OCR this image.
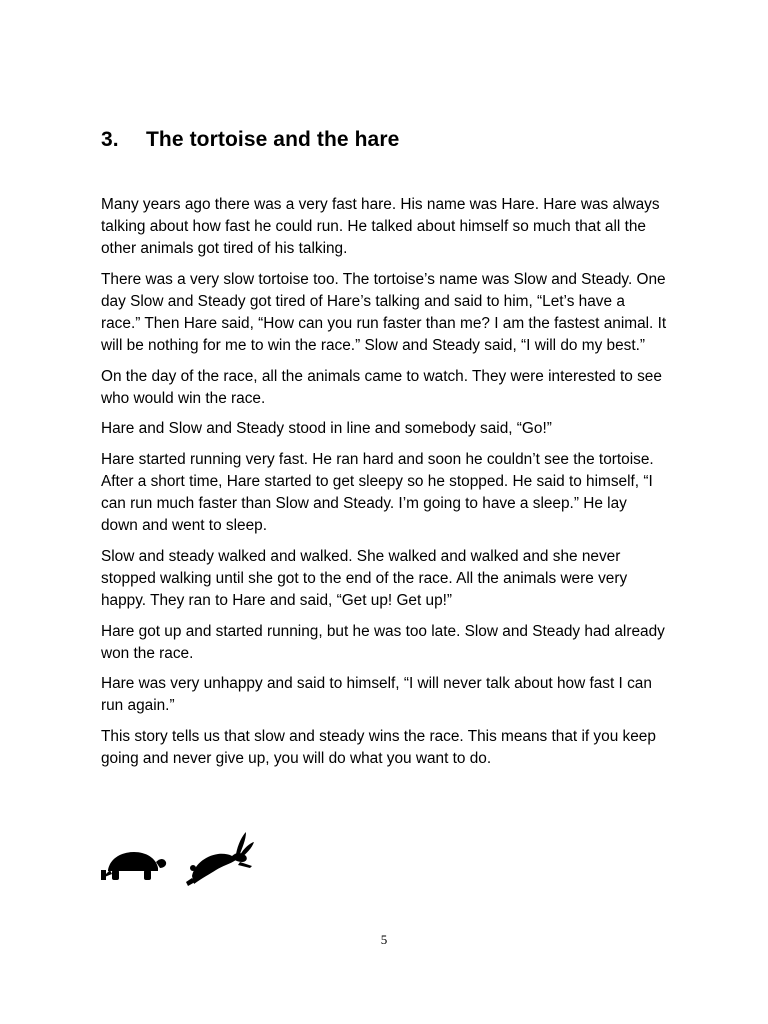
3. The tortoise and the hare

Many years ago there was a very fast hare. His name was Hare. Hare was always talking about how fast he could run. He talked about himself so much that all the other animals got tired of his talking.

There was a very slow tortoise too. The tortoise’s name was Slow and Steady. One day Slow and Steady got tired of Hare’s talking and said to him, “Let’s have a race.” Then Hare said, “How can you run faster than me? I am the fastest animal. It will be nothing for me to win the race.” Slow and Steady said, “I will do my best.”

On the day of the race, all the animals came to watch. They were interested to see who would win the race.

Hare and Slow and Steady stood in line and somebody said, “Go!”

Hare started running very fast. He ran hard and soon he couldn’t see the tortoise. After a short time, Hare started to get sleepy so he stopped. He said to himself, “I can run much faster than Slow and Steady. I’m going to have a sleep.” He lay down and went to sleep.

Slow and steady walked and walked. She walked and walked and she never stopped walking until she got to the end of the race. All the animals were very happy. They ran to Hare and said, “Get up! Get up!”

Hare got up and started running, but he was too late. Slow and Steady had already won the race.

Hare was very unhappy and said to himself, “I will never talk about how fast I can run again.”

This story tells us that slow and steady wins the race. This means that if you keep going and never give up, you will do what you want to do.

5
